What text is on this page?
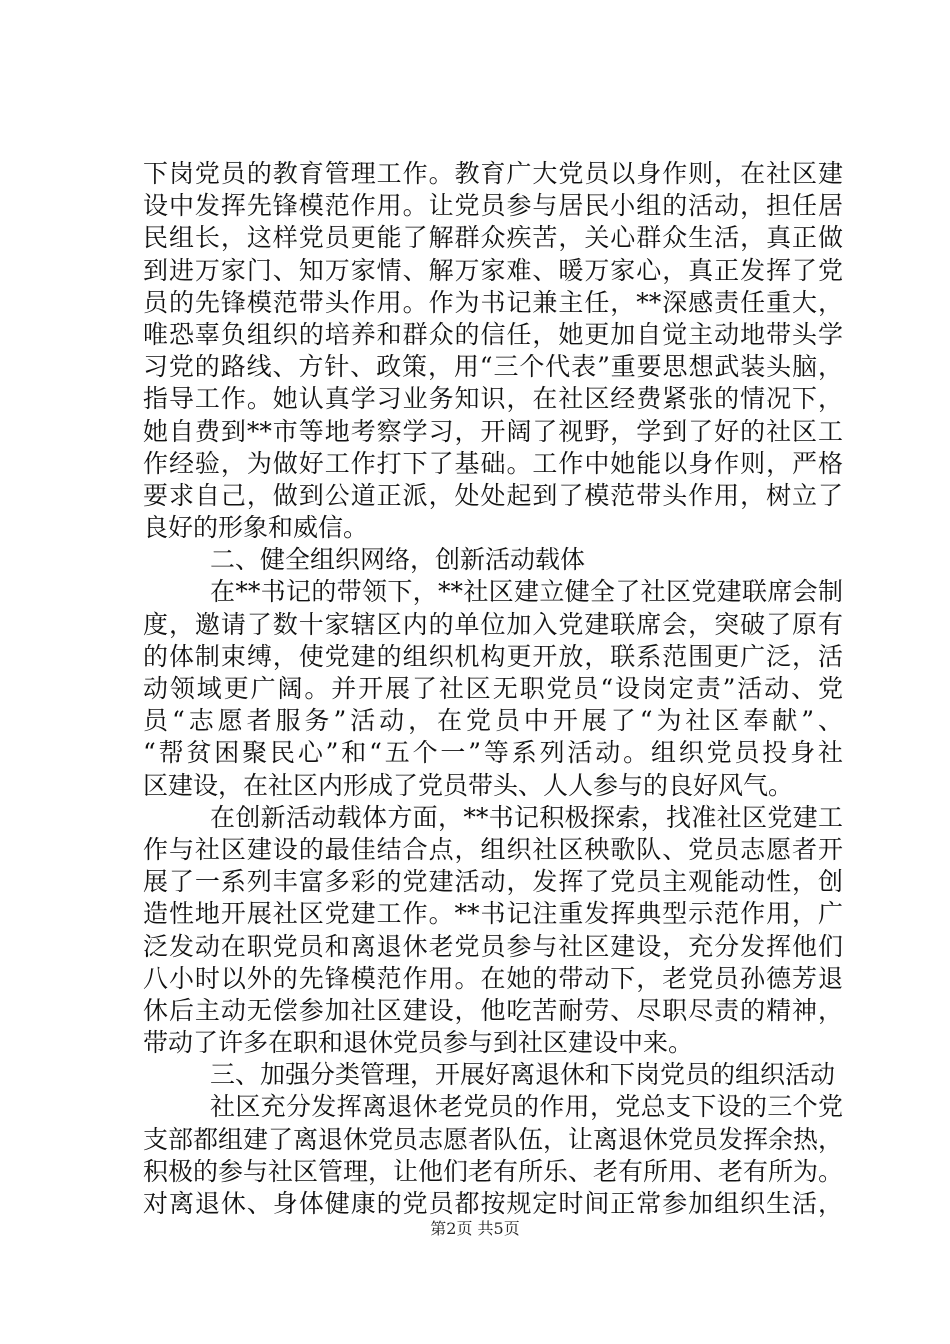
下岗党员的教育管理工作。教育广大党员以身作则，在社区建
设中发挥先锋模范作用。让党员参与居民小组的活动，担任居
民组长，这样党员更能了解群众疾苦，关心群众生活，真正做
到进万家门、知万家情、解万家难、暖万家心，真正发挥了党
员的先锋模范带头作用。作为书记兼主任，**深感责任重大，
唯恐辜负组织的培养和群众的信任，她更加自觉主动地带头学
习党的路线、方针、政策，用“三个代表”重要思想武装头脑，
指导工作。她认真学习业务知识，在社区经费紧张的情况下，
她自费到**市等地考察学习，开阔了视野，学到了好的社区工
作经验，为做好工作打下了基础。工作中她能以身作则，严格
要求自己，做到公道正派，处处起到了模范带头作用，树立了
良好的形象和威信。
二、健全组织网络，创新活动载体
在**书记的带领下，**社区建立健全了社区党建联席会制
度，邀请了数十家辖区内的单位加入党建联席会，突破了原有
的体制束缚，使党建的组织机构更开放，联系范围更广泛，活
动领域更广阔。并开展了社区无职党员“设岗定责”活动、党
员“志愿者服务”活动，在党员中开展了“为社区奉献”、
“帮贫困聚民心”和“五个一”等系列活动。组织党员投身社
区建设，在社区内形成了党员带头、人人参与的良好风气。
在创新活动载体方面，**书记积极探索，找准社区党建工
作与社区建设的最佳结合点，组织社区秧歌队、党员志愿者开
展了一系列丰富多彩的党建活动，发挥了党员主观能动性，创
造性地开展社区党建工作。**书记注重发挥典型示范作用，广
泛发动在职党员和离退休老党员参与社区建设，充分发挥他们
八小时以外的先锋模范作用。在她的带动下，老党员孙德芳退
休后主动无偿参加社区建设，他吃苦耐劳、尽职尽责的精神，
带动了许多在职和退休党员参与到社区建设中来。
三、加强分类管理，开展好离退休和下岗党员的组织活动
社区充分发挥离退休老党员的作用，党总支下设的三个党
支部都组建了离退休党员志愿者队伍，让离退休党员发挥余热，
积极的参与社区管理，让他们老有所乐、老有所用、老有所为。
对离退休、身体健康的党员都按规定时间正常参加组织生活，
第2页 共5页
